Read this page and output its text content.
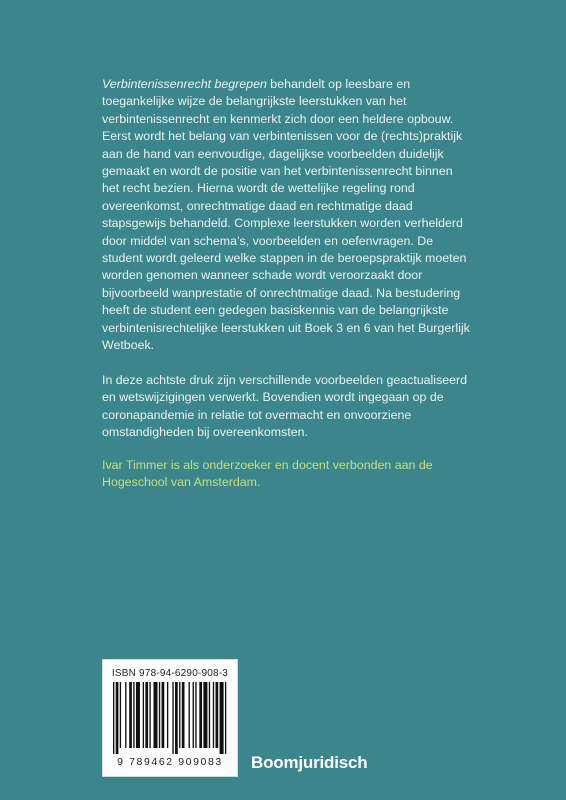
Verbintenissenrecht begrepen behandelt op leesbare en toegankelijke wijze de belangrijkste leerstukken van het verbintenissenrecht en kenmerkt zich door een heldere opbouw. Eerst wordt het belang van verbintenissen voor de (rechts)praktijk aan de hand van eenvoudige, dagelijkse voorbeelden duidelijk gemaakt en wordt de positie van het verbintenissenrecht binnen het recht bezien. Hierna wordt de wettelijke regeling rond overeenkomst, onrechtmatige daad en rechtmatige daad stapsgewijs behandeld. Complexe leerstukken worden verhelderd door middel van schema’s, voorbeelden en oefenvragen. De student wordt geleerd welke stappen in de beroepspraktijk moeten worden genomen wanneer schade wordt veroorzaakt door bijvoorbeeld wanprestatie of onrechtmatige daad. Na bestudering heeft de student een gedegen basiskennis van de belangrijkste verbintenisrechtelijke leerstukken uit Boek 3 en 6 van het Burgerlijk Wetboek.

In deze achtste druk zijn verschillende voorbeelden geactualiseerd en wetswijzigingen verwerkt. Bovendien wordt ingegaan op de coronapandemie in relatie tot overmacht en onvoorziene omstandigheden bij overeenkomsten.

Ivar Timmer is als onderzoeker en docent verbonden aan de Hogeschool van Amsterdam.
ISBN 978-94-6290-908-3
9 789462 909083	Boomjuridisch
